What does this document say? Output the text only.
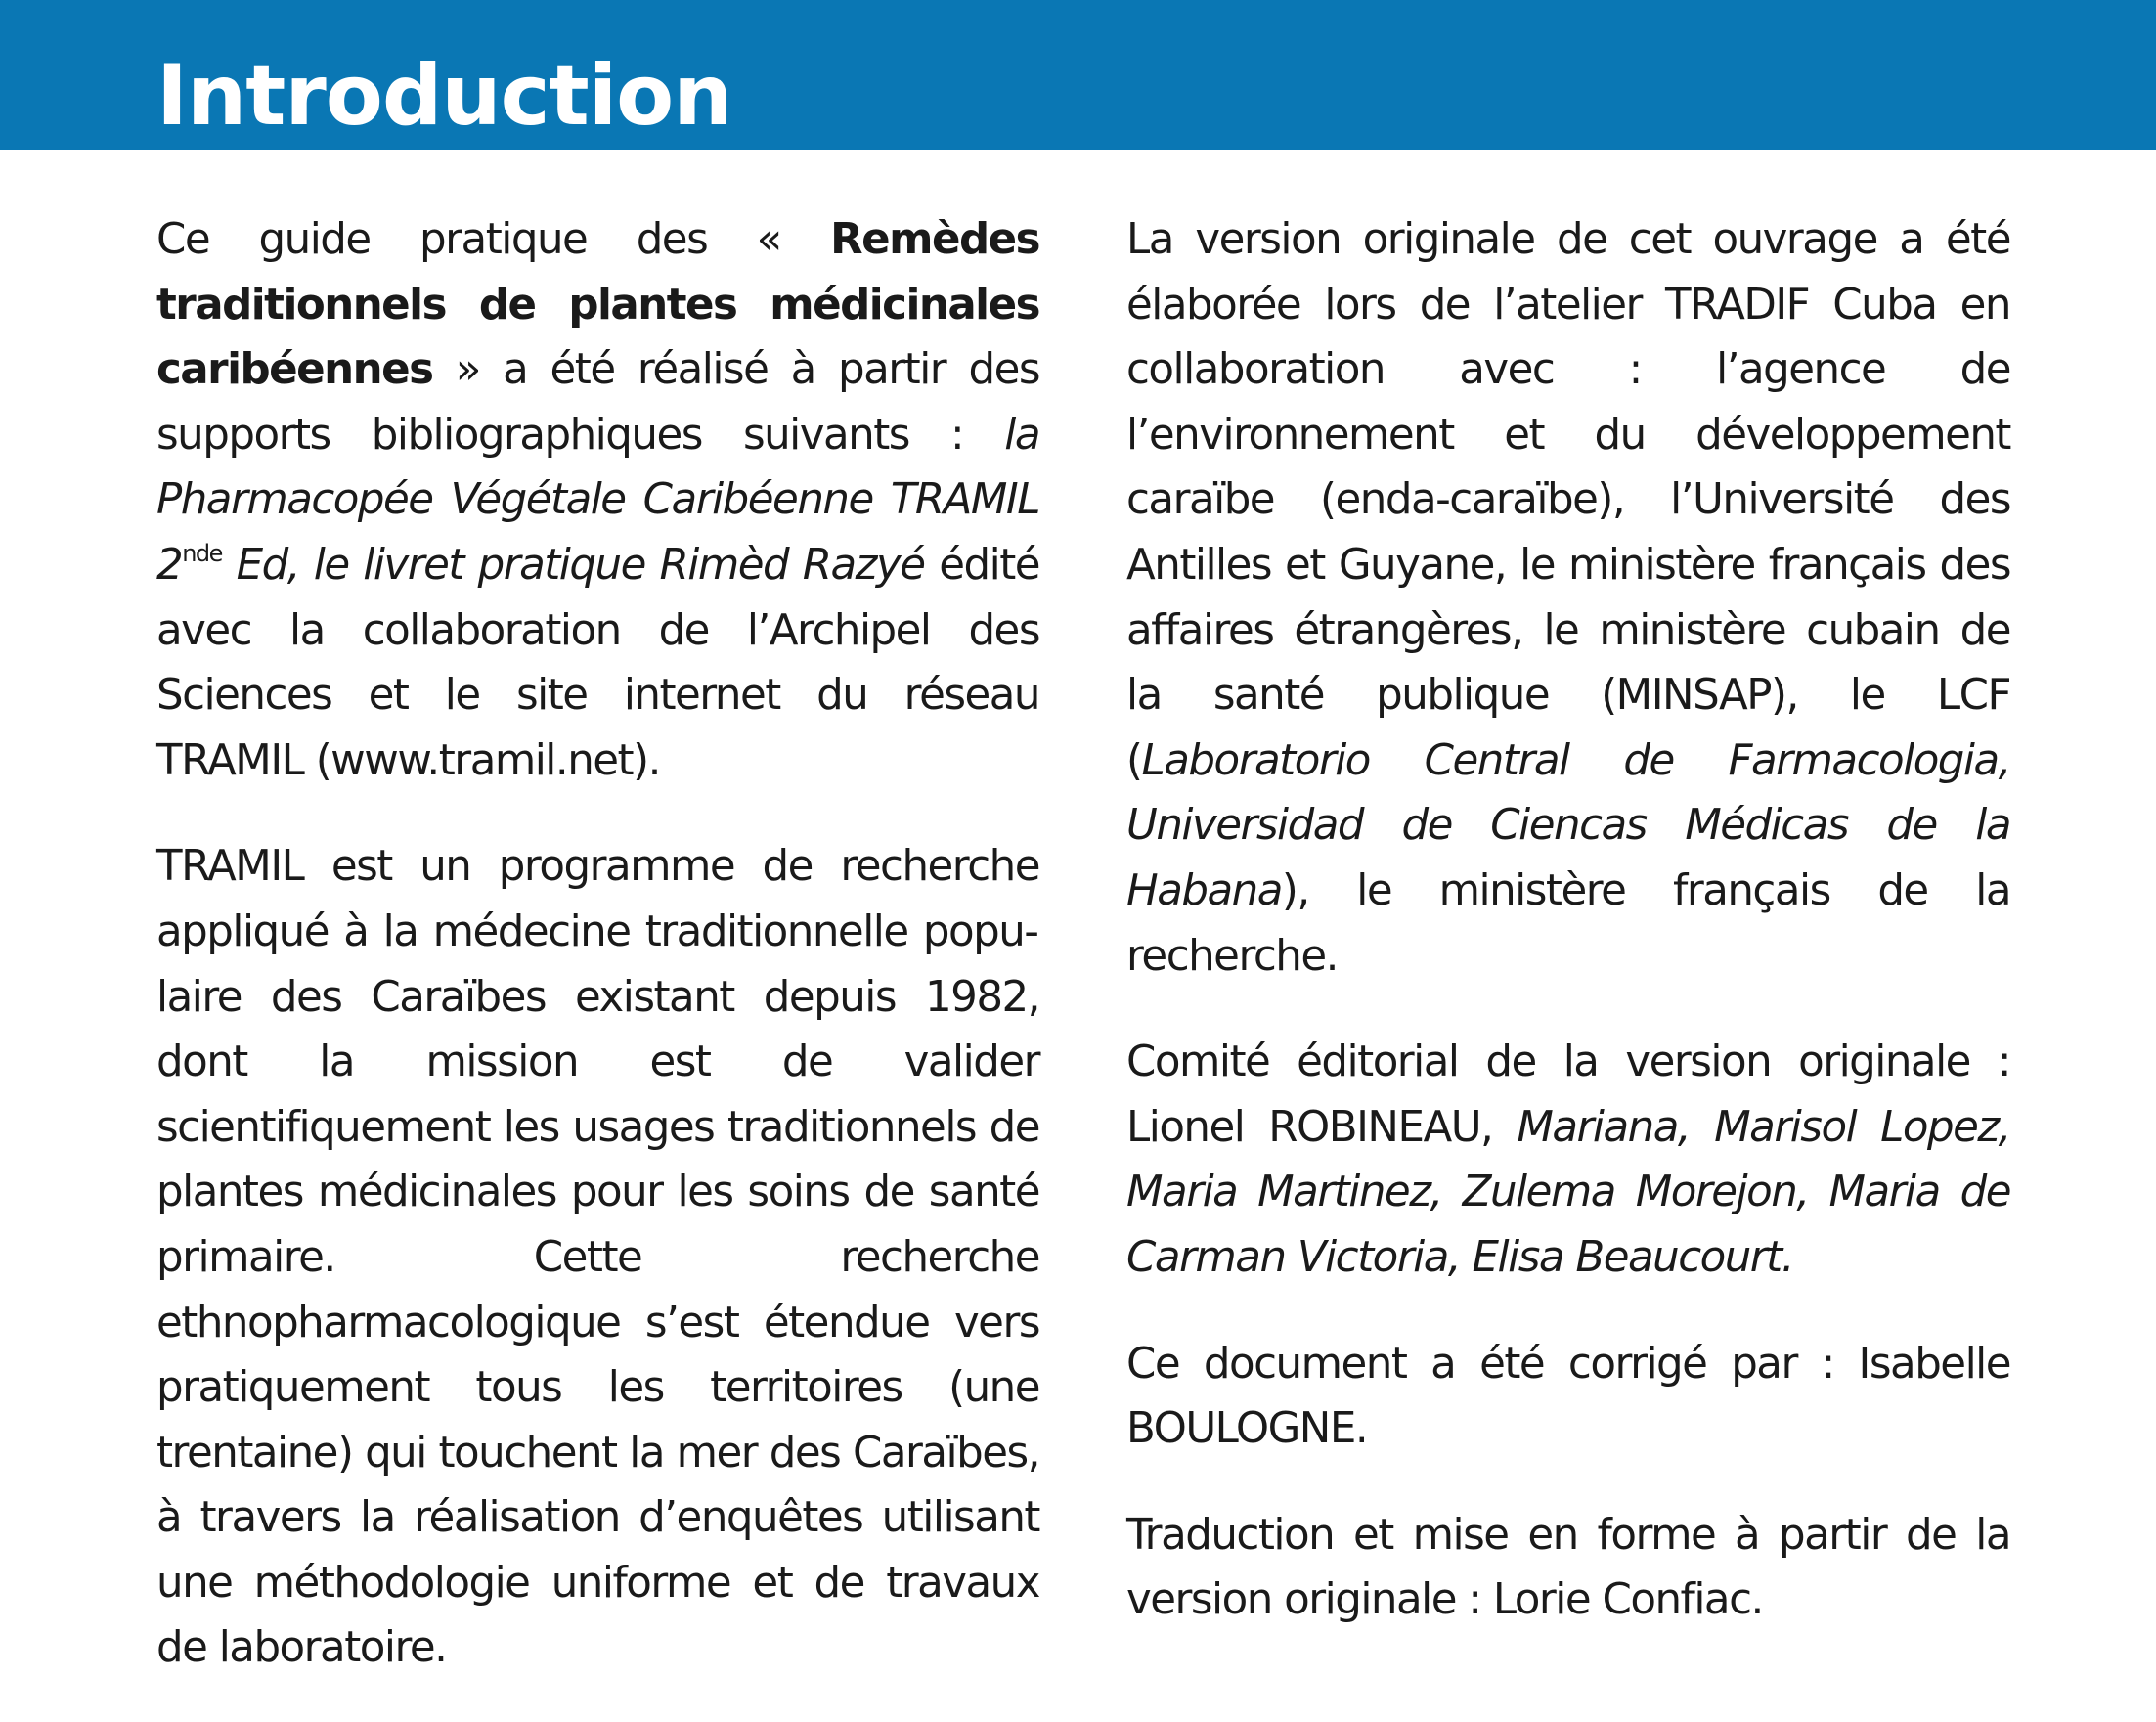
Introduction

Ce guide pratique des « Remèdes traditionnels de plantes médicinales caribéennes » a été réalisé à partir des supports bibliographiques suivants : la Pharmacopée Végétale Caribéenne TRAMIL 2nde Ed, le livret pratique Rimèd Razyé édité avec la collaboration de l’Archipel des Sciences et le site internet du réseau TRAMIL (www.tramil.net).

TRAMIL est un programme de recherche appliqué à la médecine traditionnelle populaire des Caraïbes existant depuis 1982, dont la mission est de valider scientifiquement les usages traditionnels de plantes médicinales pour les soins de santé primaire. Cette recherche ethnopharmacologique s’est étendue vers pratiquement tous les territoires (une trentaine) qui touchent la mer des Caraïbes, à travers la réalisation d’enquêtes utilisant une méthodologie uniforme et de travaux de laboratoire.

La version originale de cet ouvrage a été élaborée lors de l’atelier TRADIF Cuba en collaboration avec : l’agence de l’environnement et du développement caraïbe (enda-caraïbe), l’Université des Antilles et Guyane, le ministère français des affaires étrangères, le ministère cubain de la santé publique (MINSAP), le LCF (Laboratorio Central de Farmacologia, Universidad de Ciencas Médicas de la Habana), le ministère français de la recherche.

Comité éditorial de la version originale : Lionel ROBINEAU, Mariana, Marisol Lopez, Maria Martinez, Zulema Morejon, Maria de Carman Victoria, Elisa Beaucourt.

Ce document a été corrigé par : Isabelle BOULOGNE.

Traduction et mise en forme à partir de la version originale : Lorie Confiac.
